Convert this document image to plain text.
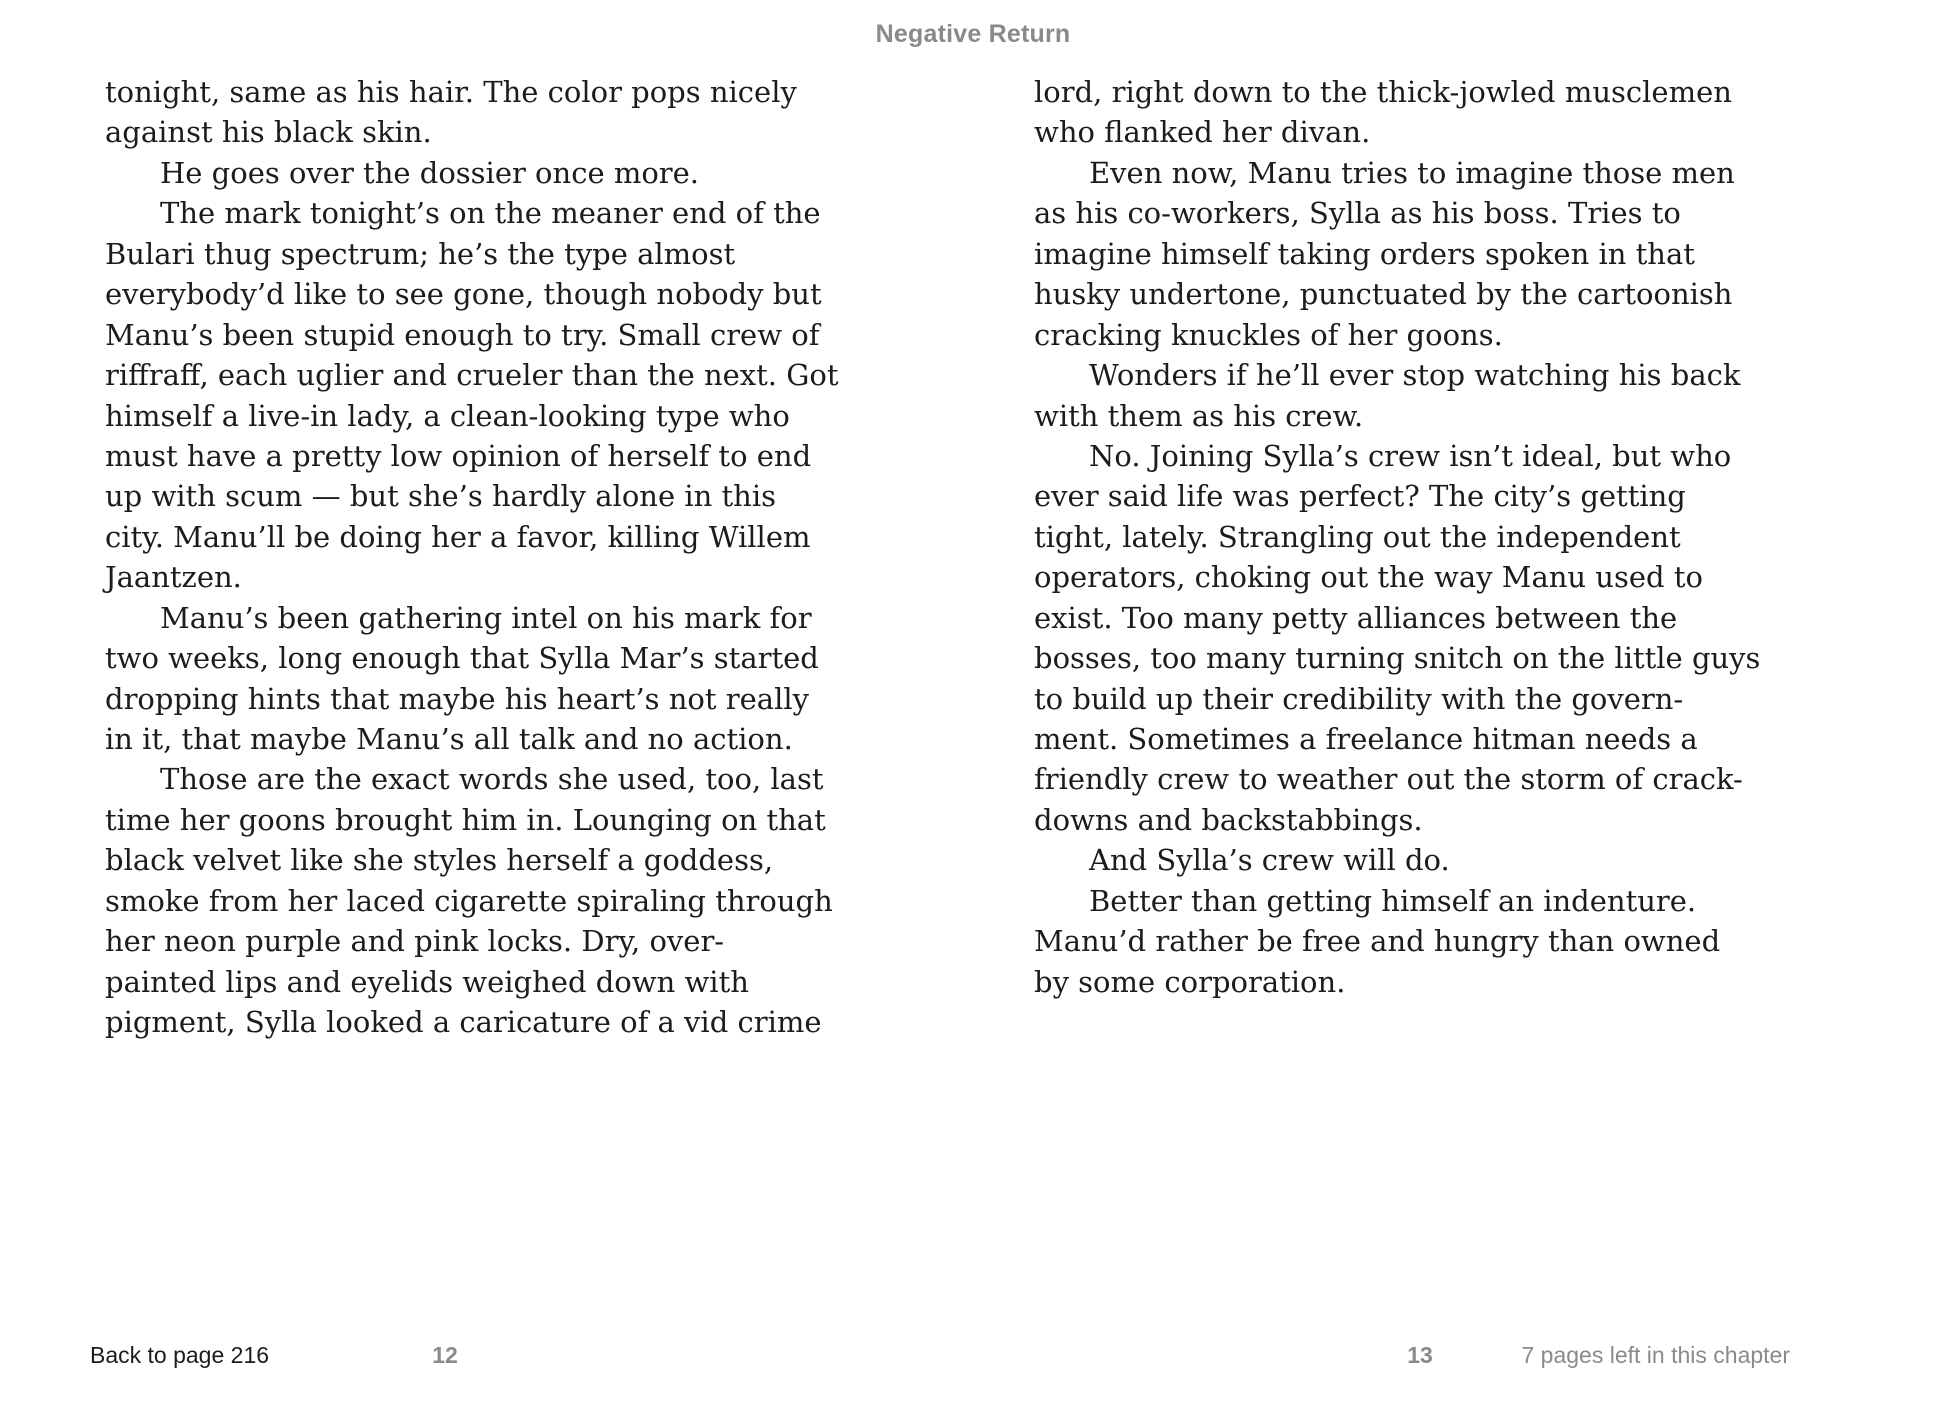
Negative Return
tonight, same as his hair. The color pops nicely
against his black skin.
He goes over the dossier once more.
The mark tonight’s on the meaner end of the
Bulari thug spectrum; he’s the type almost
everybody’d like to see gone, though nobody but
Manu’s been stupid enough to try. Small crew of
riffraff, each uglier and crueler than the next. Got
himself a live-in lady, a clean-looking type who
must have a pretty low opinion of herself to end
up with scum — but she’s hardly alone in this
city. Manu’ll be doing her a favor, killing Willem
Jaantzen.
Manu’s been gathering intel on his mark for
two weeks, long enough that Sylla Mar’s started
dropping hints that maybe his heart’s not really
in it, that maybe Manu’s all talk and no action.
Those are the exact words she used, too, last
time her goons brought him in. Lounging on that
black velvet like she styles herself a goddess,
smoke from her laced cigarette spiraling through
her neon purple and pink locks. Dry, over-
painted lips and eyelids weighed down with
pigment, Sylla looked a caricature of a vid crime
lord, right down to the thick-jowled musclemen
who flanked her divan.
Even now, Manu tries to imagine those men
as his co-workers, Sylla as his boss. Tries to
imagine himself taking orders spoken in that
husky undertone, punctuated by the cartoonish
cracking knuckles of her goons.
Wonders if he’ll ever stop watching his back
with them as his crew.
No. Joining Sylla’s crew isn’t ideal, but who
ever said life was perfect? The city’s getting
tight, lately. Strangling out the independent
operators, choking out the way Manu used to
exist. Too many petty alliances between the
bosses, too many turning snitch on the little guys
to build up their credibility with the govern-
ment. Sometimes a freelance hitman needs a
friendly crew to weather out the storm of crack-
downs and backstabbings.
And Sylla’s crew will do.
Better than getting himself an indenture.
Manu’d rather be free and hungry than owned
by some corporation.
Back to page 216	12	13	7 pages left in this chapter
